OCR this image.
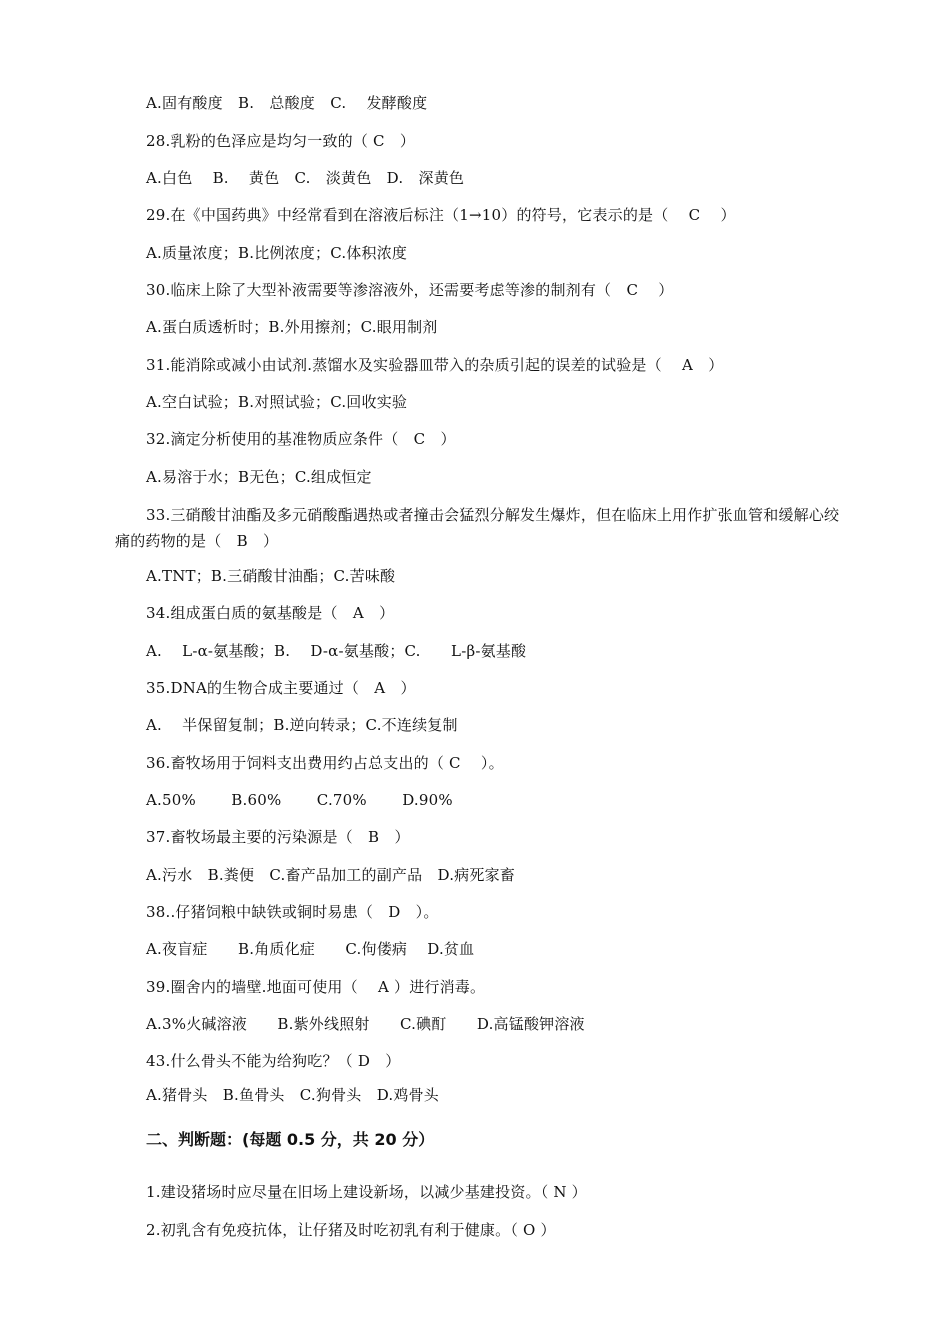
A.固有酸度　B.　总酸度　C.　 发酵酸度
28.乳粉的色泽应是均匀一致的（ C　）
A.白色　 B.　 黄色　C.　淡黄色　D.　深黄色
29.在《中国药典》中经常看到在溶液后标注（1→10）的符号，它表示的是（　 C　 ）
A.质量浓度；B.比例浓度；C.体积浓度
30.临床上除了大型补液需要等渗溶液外，还需要考虑等渗的制剂有（　C　 ）
A.蛋白质透析时；B.外用擦剂；C.眼用制剂
31.能消除或减小由试剂.蒸馏水及实验器皿带入的杂质引起的误差的试验是（　 A　）
A.空白试验；B.对照试验；C.回收实验
32.滴定分析使用的基准物质应条件（　C　）
A.易溶于水；B无色；C.组成恒定
33.三硝酸甘油酯及多元硝酸酯遇热或者撞击会猛烈分解发生爆炸，但在临床上用作扩张血管和缓解心绞痛的药物的是（　B　）
A.TNT；B.三硝酸甘油酯；C.苦味酸
34.组成蛋白质的氨基酸是（　A　）
A.　 L-α-氨基酸；B.　 D-α-氨基酸；C.　　L-β-氨基酸
35.DNA的生物合成主要通过（　A　）
A.　 半保留复制；B.逆向转录；C.不连续复制
36.畜牧场用于饲料支出费用约占总支出的（ C　 ）。
A.50%　　 B.60%　　 C.70%　　 D.90%
37.畜牧场最主要的污染源是（　B　）
A.污水　B.粪便　C.畜产品加工的副产品　D.病死家畜
38..仔猪饲粮中缺铁或铜时易患（　D　）。
A.夜盲症　　B.角质化症　　C.佝偻病　 D.贫血
39.圈舍内的墙壁.地面可使用（　 A ）进行消毒。
A.3%火碱溶液　　B.紫外线照射　　C.碘酊　　D.高锰酸钾溶液
43.什么骨头不能为给狗吃？（ D　）
A.猪骨头　B.鱼骨头　C.狗骨头　D.鸡骨头
二、判断题：(每题 0.5 分，共 20 分）
1.建设猪场时应尽量在旧场上建设新场，以减少基建投资。（ N ）
2.初乳含有免疫抗体，让仔猪及时吃初乳有利于健康。（ O ）
